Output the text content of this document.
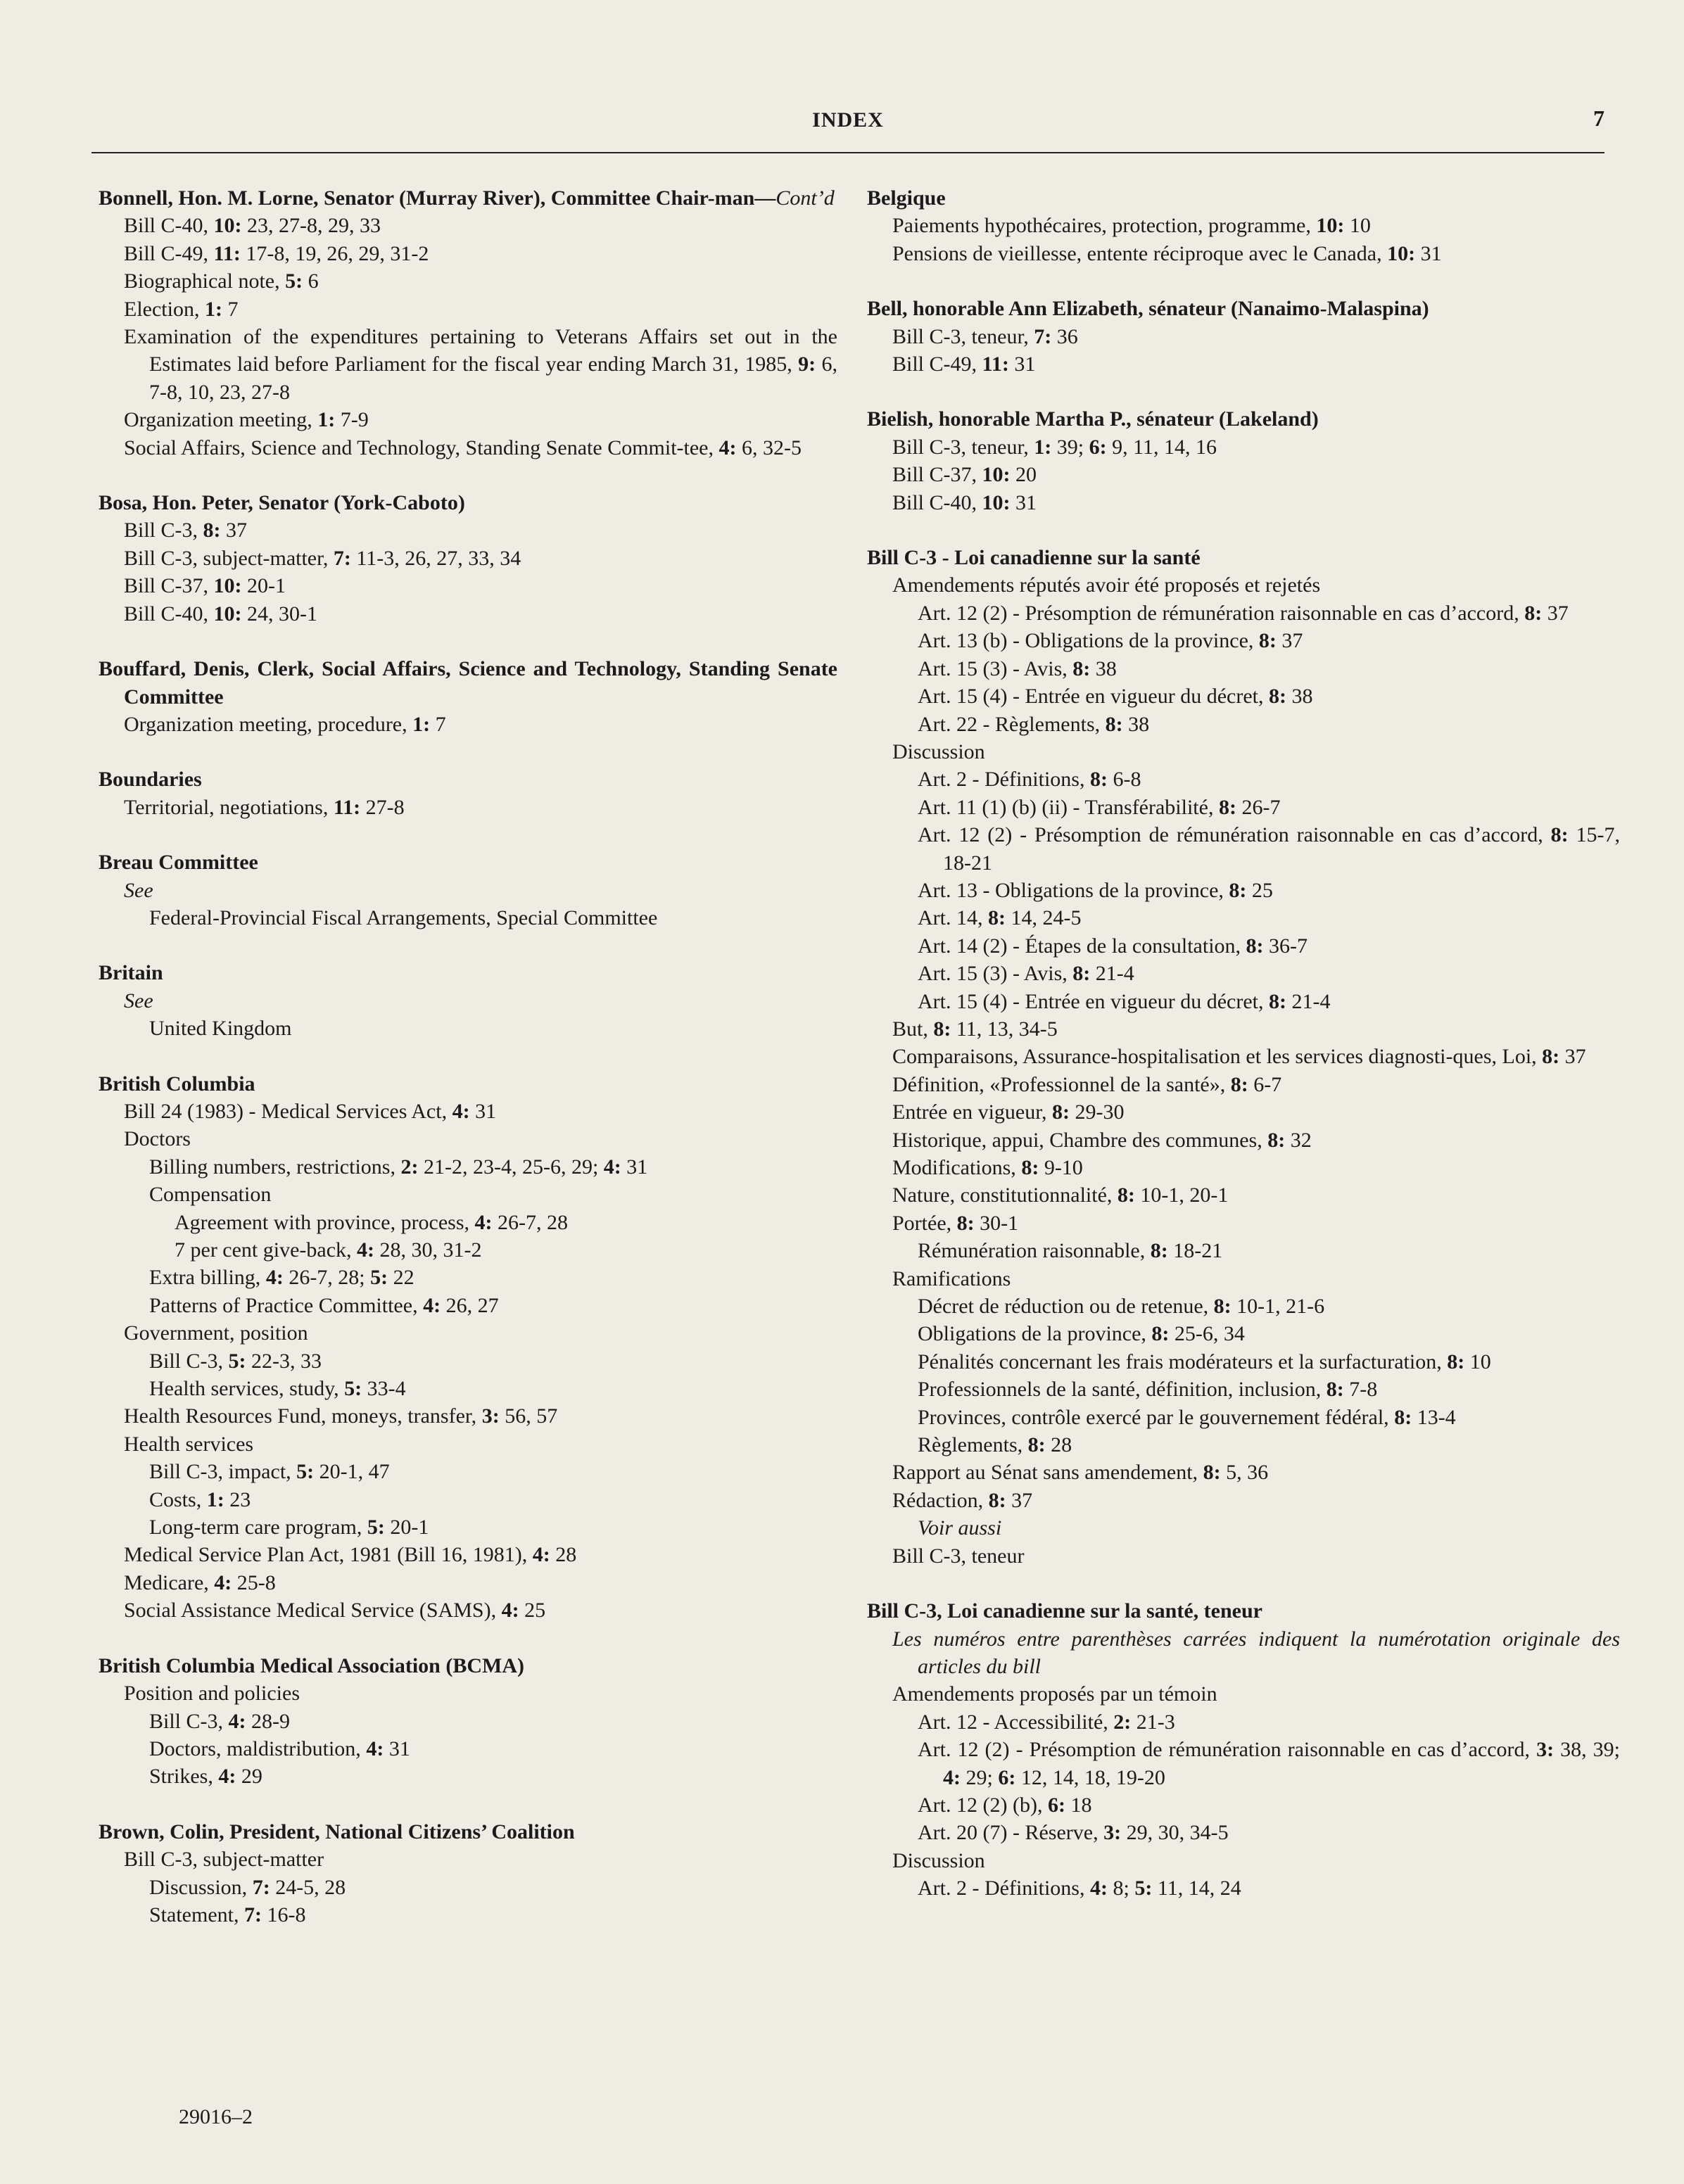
INDEX	7
Bonnell, Hon. M. Lorne, Senator (Murray River), Committee Chair-man—Cont’d
Bill C-40, 10: 23, 27-8, 29, 33
Bill C-49, 11: 17-8, 19, 26, 29, 31-2
Biographical note, 5: 6
Election, 1: 7
Examination of the expenditures pertaining to Veterans Affairs set out in the Estimates laid before Parliament for the fiscal year ending March 31, 1985, 9: 6, 7-8, 10, 23, 27-8
Organization meeting, 1: 7-9
Social Affairs, Science and Technology, Standing Senate Commit-tee, 4: 6, 32-5
Bosa, Hon. Peter, Senator (York-Caboto)
Bill C-3, 8: 37
Bill C-3, subject-matter, 7: 11-3, 26, 27, 33, 34
Bill C-37, 10: 20-1
Bill C-40, 10: 24, 30-1
Bouffard, Denis, Clerk, Social Affairs, Science and Technology, Standing Senate Committee
Organization meeting, procedure, 1: 7
Boundaries
Territorial, negotiations, 11: 27-8
Breau Committee
See
Federal-Provincial Fiscal Arrangements, Special Committee
Britain
See
United Kingdom
British Columbia
Bill 24 (1983) - Medical Services Act, 4: 31
Doctors
Billing numbers, restrictions, 2: 21-2, 23-4, 25-6, 29; 4: 31
Compensation
Agreement with province, process, 4: 26-7, 28
7 per cent give-back, 4: 28, 30, 31-2
Extra billing, 4: 26-7, 28; 5: 22
Patterns of Practice Committee, 4: 26, 27
Government, position
Bill C-3, 5: 22-3, 33
Health services, study, 5: 33-4
Health Resources Fund, moneys, transfer, 3: 56, 57
Health services
Bill C-3, impact, 5: 20-1, 47
Costs, 1: 23
Long-term care program, 5: 20-1
Medical Service Plan Act, 1981 (Bill 16, 1981), 4: 28
Medicare, 4: 25-8
Social Assistance Medical Service (SAMS), 4: 25
British Columbia Medical Association (BCMA)
Position and policies
Bill C-3, 4: 28-9
Doctors, maldistribution, 4: 31
Strikes, 4: 29
Brown, Colin, President, National Citizens’ Coalition
Bill C-3, subject-matter
Discussion, 7: 24-5, 28
Statement, 7: 16-8
Belgique
Paiements hypothécaires, protection, programme, 10: 10
Pensions de vieillesse, entente réciproque avec le Canada, 10: 31
Bell, honorable Ann Elizabeth, sénateur (Nanaimo-Malaspina)
Bill C-3, teneur, 7: 36
Bill C-49, 11: 31
Bielish, honorable Martha P., sénateur (Lakeland)
Bill C-3, teneur, 1: 39; 6: 9, 11, 14, 16
Bill C-37, 10: 20
Bill C-40, 10: 31
Bill C-3 - Loi canadienne sur la santé
Amendements réputés avoir été proposés et rejetés
Art. 12 (2) - Présomption de rémunération raisonnable en cas d’accord, 8: 37
Art. 13 (b) - Obligations de la province, 8: 37
Art. 15 (3) - Avis, 8: 38
Art. 15 (4) - Entrée en vigueur du décret, 8: 38
Art. 22 - Règlements, 8: 38
Discussion
Art. 2 - Définitions, 8: 6-8
Art. 11 (1) (b) (ii) - Transférabilité, 8: 26-7
Art. 12 (2) - Présomption de rémunération raisonnable en cas d’accord, 8: 15-7, 18-21
Art. 13 - Obligations de la province, 8: 25
Art. 14, 8: 14, 24-5
Art. 14 (2) - Étapes de la consultation, 8: 36-7
Art. 15 (3) - Avis, 8: 21-4
Art. 15 (4) - Entrée en vigueur du décret, 8: 21-4
But, 8: 11, 13, 34-5
Comparaisons, Assurance-hospitalisation et les services diagnosti-ques, Loi, 8: 37
Définition, «Professionnel de la santé», 8: 6-7
Entrée en vigueur, 8: 29-30
Historique, appui, Chambre des communes, 8: 32
Modifications, 8: 9-10
Nature, constitutionnalité, 8: 10-1, 20-1
Portée, 8: 30-1
Rémunération raisonnable, 8: 18-21
Ramifications
Décret de réduction ou de retenue, 8: 10-1, 21-6
Obligations de la province, 8: 25-6, 34
Pénalités concernant les frais modérateurs et la surfacturation, 8: 10
Professionnels de la santé, définition, inclusion, 8: 7-8
Provinces, contrôle exercé par le gouvernement fédéral, 8: 13-4
Règlements, 8: 28
Rapport au Sénat sans amendement, 8: 5, 36
Rédaction, 8: 37
Voir aussi
Bill C-3, teneur
Bill C-3, Loi canadienne sur la santé, teneur
Les numéros entre parenthèses carrées indiquent la numérotation originale des articles du bill
Amendements proposés par un témoin
Art. 12 - Accessibilité, 2: 21-3
Art. 12 (2) - Présomption de rémunération raisonnable en cas d’accord, 3: 38, 39; 4: 29; 6: 12, 14, 18, 19-20
Art. 12 (2) (b), 6: 18
Art. 20 (7) - Réserve, 3: 29, 30, 34-5
Discussion
Art. 2 - Définitions, 4: 8; 5: 11, 14, 24
29016–2
